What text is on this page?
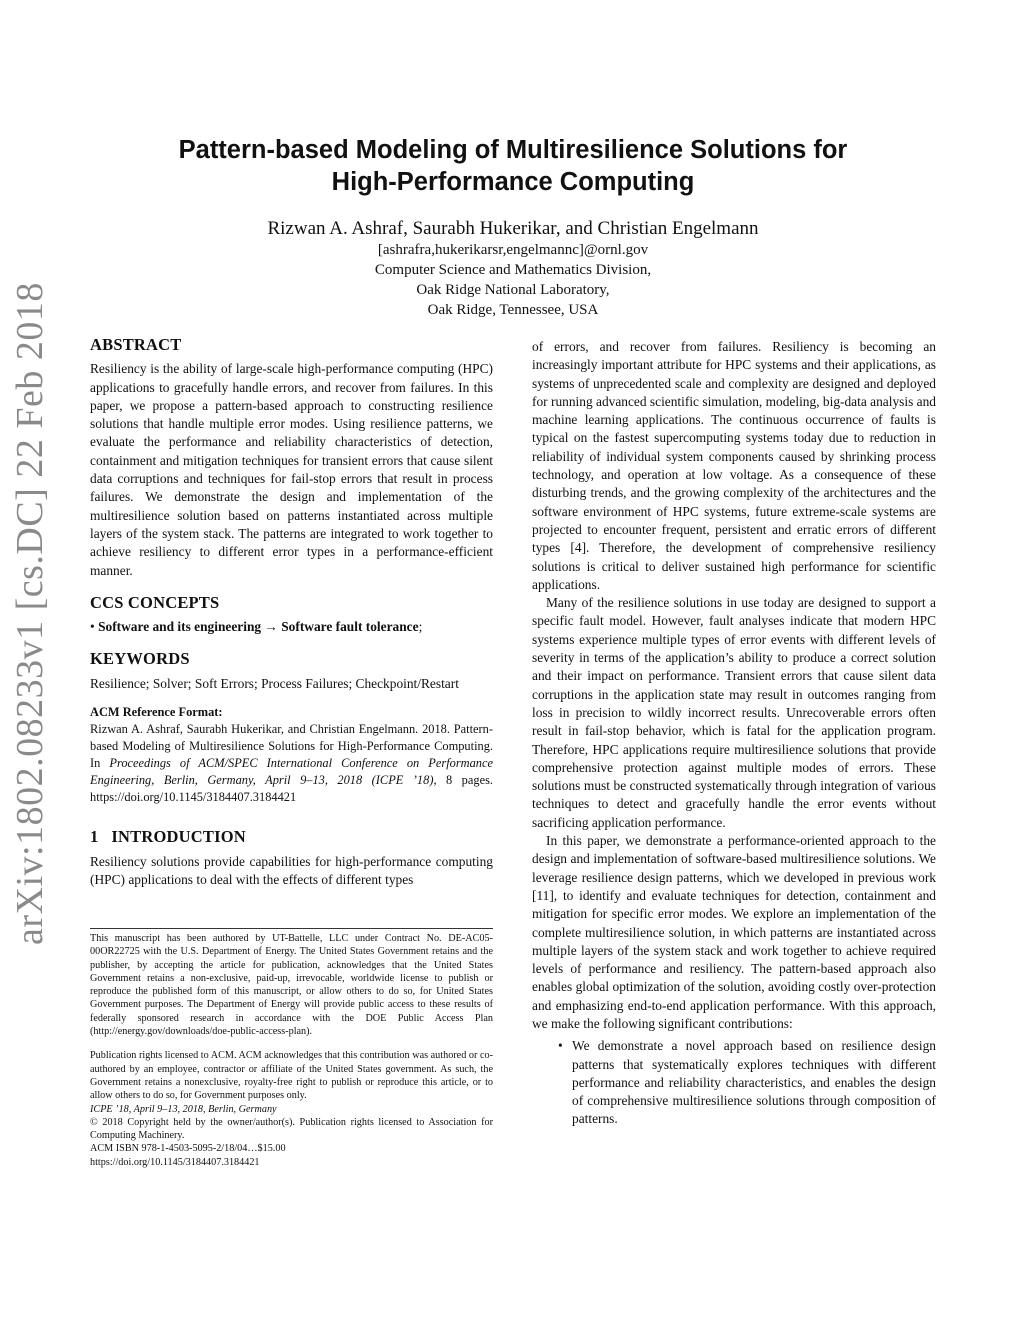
arXiv:1802.08233v1 [cs.DC] 22 Feb 2018
Pattern-based Modeling of Multiresilience Solutions for
High-Performance Computing
Rizwan A. Ashraf, Saurabh Hukerikar, and Christian Engelmann
[ashrafra,hukerikarsr,engelmannc]@ornl.gov
Computer Science and Mathematics Division,
Oak Ridge National Laboratory,
Oak Ridge, Tennessee, USA
ABSTRACT

Resiliency is the ability of large-scale high-performance computing (HPC) applications to gracefully handle errors, and recover from failures. In this paper, we propose a pattern-based approach to constructing resilience solutions that handle multiple error modes. Using resilience patterns, we evaluate the performance and reliability characteristics of detection, containment and mitigation techniques for transient errors that cause silent data corruptions and techniques for fail-stop errors that result in process failures. We demonstrate the design and implementation of the multiresilience solution based on patterns instantiated across multiple layers of the system stack. The patterns are integrated to work together to achieve resiliency to different error types in a performance-efficient manner.

CCS CONCEPTS

• Software and its engineering → Software fault tolerance;

KEYWORDS

Resilience; Solver; Soft Errors; Process Failures; Checkpoint/Restart

ACM Reference Format:

Rizwan A. Ashraf, Saurabh Hukerikar, and Christian Engelmann. 2018. Pattern-based Modeling of Multiresilience Solutions for High-Performance Computing. In Proceedings of ACM/SPEC International Conference on Performance Engineering, Berlin, Germany, April 9–13, 2018 (ICPE ’18), 8 pages. https://doi.org/10.1145/3184407.3184421

1   INTRODUCTION

Resiliency solutions provide capabilities for high-performance computing (HPC) applications to deal with the effects of different types

This manuscript has been authored by UT-Battelle, LLC under Contract No. DE-AC05-00OR22725 with the U.S. Department of Energy. The United States Government retains and the publisher, by accepting the article for publication, acknowledges that the United States Government retains a non-exclusive, paid-up, irrevocable, worldwide license to publish or reproduce the published form of this manuscript, or allow others to do so, for United States Government purposes. The Department of Energy will provide public access to these results of federally sponsored research in accordance with the DOE Public Access Plan (http://energy.gov/downloads/doe-public-access-plan).

Publication rights licensed to ACM. ACM acknowledges that this contribution was authored or co-authored by an employee, contractor or affiliate of the United States government. As such, the Government retains a nonexclusive, royalty-free right to publish or reproduce this article, or to allow others to do so, for Government purposes only.

ICPE ’18, April 9–13, 2018, Berlin, Germany

© 2018 Copyright held by the owner/author(s). Publication rights licensed to Association for Computing Machinery.

ACM ISBN 978-1-4503-5095-2/18/04…$15.00

https://doi.org/10.1145/3184407.3184421

of errors, and recover from failures. Resiliency is becoming an increasingly important attribute for HPC systems and their applications, as systems of unprecedented scale and complexity are designed and deployed for running advanced scientific simulation, modeling, big-data analysis and machine learning applications. The continuous occurrence of faults is typical on the fastest supercomputing systems today due to reduction in reliability of individual system components caused by shrinking process technology, and operation at low voltage. As a consequence of these disturbing trends, and the growing complexity of the architectures and the software environment of HPC systems, future extreme-scale systems are projected to encounter frequent, persistent and erratic errors of different types [4]. Therefore, the development of comprehensive resiliency solutions is critical to deliver sustained high performance for scientific applications.

Many of the resilience solutions in use today are designed to support a specific fault model. However, fault analyses indicate that modern HPC systems experience multiple types of error events with different levels of severity in terms of the application’s ability to produce a correct solution and their impact on performance. Transient errors that cause silent data corruptions in the application state may result in outcomes ranging from loss in precision to wildly incorrect results. Unrecoverable errors often result in fail-stop behavior, which is fatal for the application program. Therefore, HPC applications require multiresilience solutions that provide comprehensive protection against multiple modes of errors. These solutions must be constructed systematically through integration of various techniques to detect and gracefully handle the error events without sacrificing application performance.

In this paper, we demonstrate a performance-oriented approach to the design and implementation of software-based multiresilience solutions. We leverage resilience design patterns, which we developed in previous work [11], to identify and evaluate techniques for detection, containment and mitigation for specific error modes. We explore an implementation of the complete multiresilience solution, in which patterns are instantiated across multiple layers of the system stack and work together to achieve required levels of performance and resiliency. The pattern-based approach also enables global optimization of the solution, avoiding costly over-protection and emphasizing end-to-end application performance. With this approach, we make the following significant contributions:

• We demonstrate a novel approach based on resilience design patterns that systematically explores techniques with different performance and reliability characteristics, and enables the design of comprehensive multiresilience solutions through composition of patterns.
